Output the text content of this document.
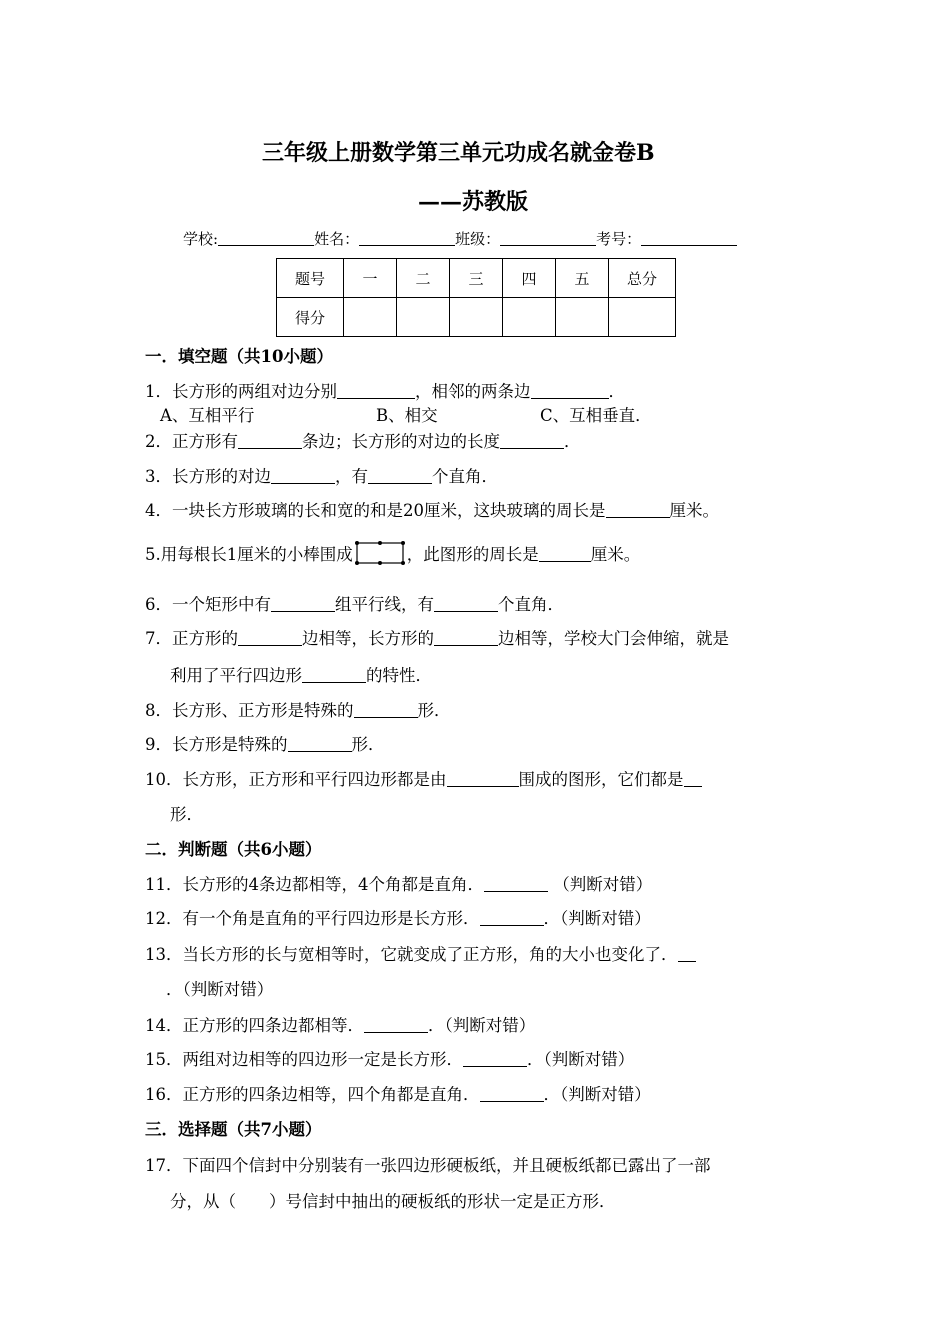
三年级上册数学第三单元功成名就金卷B
——苏教版
学校:	姓名：	班级：	考号：
题号	一	二	三	四	五	总分
得分						
一．填空题（共10小题）
1．长方形的两组对边分别	，相邻的两条边	．
A、互相平行	B、相交	C、互相垂直．
2．正方形有	条边；长方形的对边的长度	．
3．长方形的对边	，有	个直角．
4．一块长方形玻璃的长和宽的和是20厘米，这块玻璃的周长是	厘米。
5.用每根长1厘米的小棒围成	，此图形的周长是	厘米。
6．一个矩形中有	组平行线，有	个直角．
7．正方形的	边相等，长方形的	边相等，学校大门会伸缩，就是
利用了平行四边形	的特性．
8．长方形、正方形是特殊的	形．
9．长方形是特殊的	形．
10．长方形，正方形和平行四边形都是由	围成的图形，它们都是
形．
二．判断题（共6小题）
11．长方形的4条边都相等，4个角都是直角．	（判断对错）
12．有一个角是直角的平行四边形是长方形．	．（判断对错）
13．当长方形的长与宽相等时，它就变成了正方形，角的大小也变化了．
．（判断对错）
14．正方形的四条边都相等．	．（判断对错）
15．两组对边相等的四边形一定是长方形．	．（判断对错）
16．正方形的四条边相等，四个角都是直角．	．（判断对错）
三．选择题（共7小题）
17．下面四个信封中分别装有一张四边形硬板纸，并且硬板纸都已露出了一部
分，从（　　）号信封中抽出的硬板纸的形状一定是正方形．
